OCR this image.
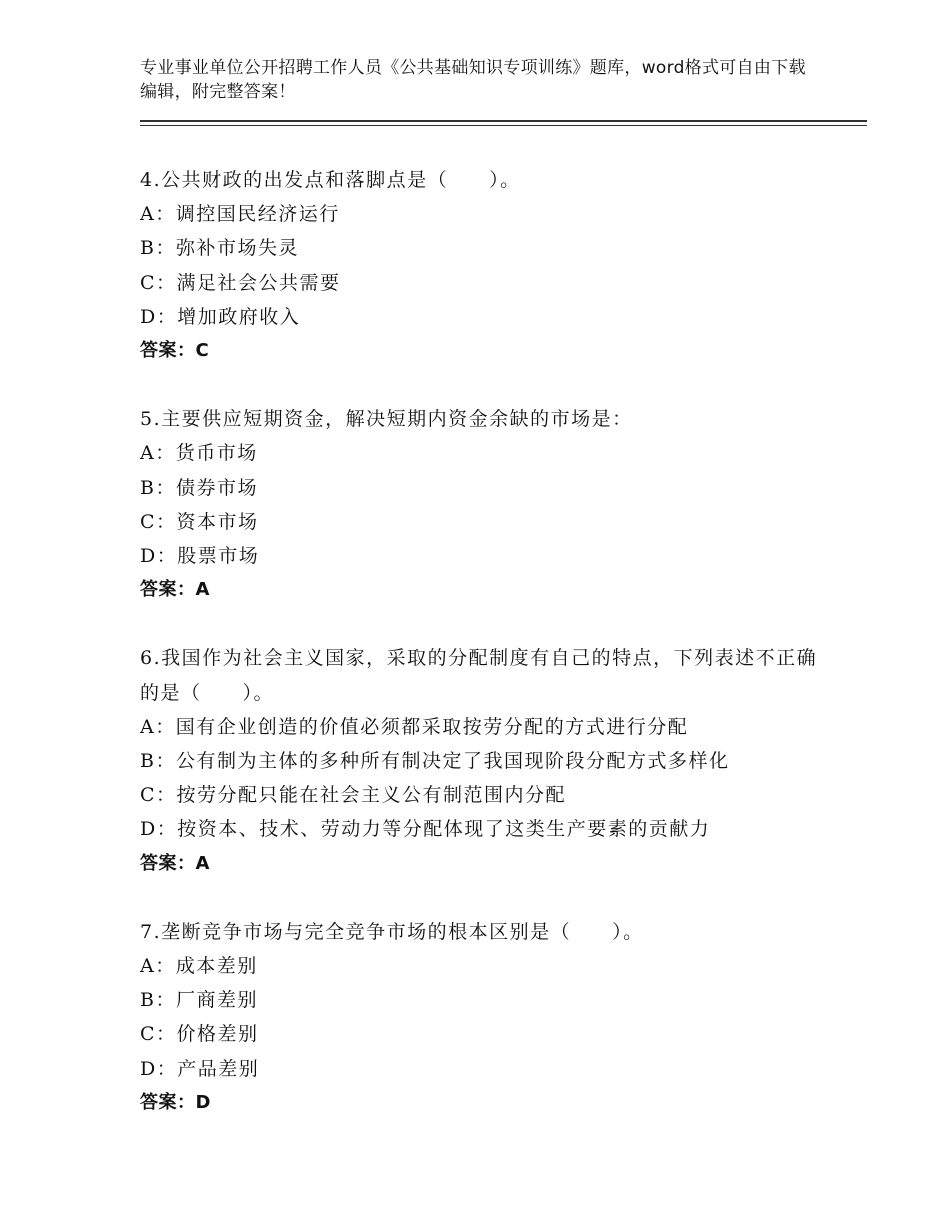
专业事业单位公开招聘工作人员《公共基础知识专项训练》题库，word格式可自由下载编辑，附完整答案！
4.公共财政的出发点和落脚点是（　　）。
A：调控国民经济运行
B：弥补市场失灵
C：满足社会公共需要
D：增加政府收入
答案：C
5.主要供应短期资金，解决短期内资金余缺的市场是：
A：货币市场
B：债券市场
C：资本市场
D：股票市场
答案：A
6.我国作为社会主义国家，采取的分配制度有自己的特点，下列表述不正确的是（　　）。
A：国有企业创造的价值必须都采取按劳分配的方式进行分配
B：公有制为主体的多种所有制决定了我国现阶段分配方式多样化
C：按劳分配只能在社会主义公有制范围内分配
D：按资本、技术、劳动力等分配体现了这类生产要素的贡献力
答案：A
7.垄断竞争市场与完全竞争市场的根本区别是（　　）。
A：成本差别
B：厂商差别
C：价格差别
D：产品差别
答案：D
